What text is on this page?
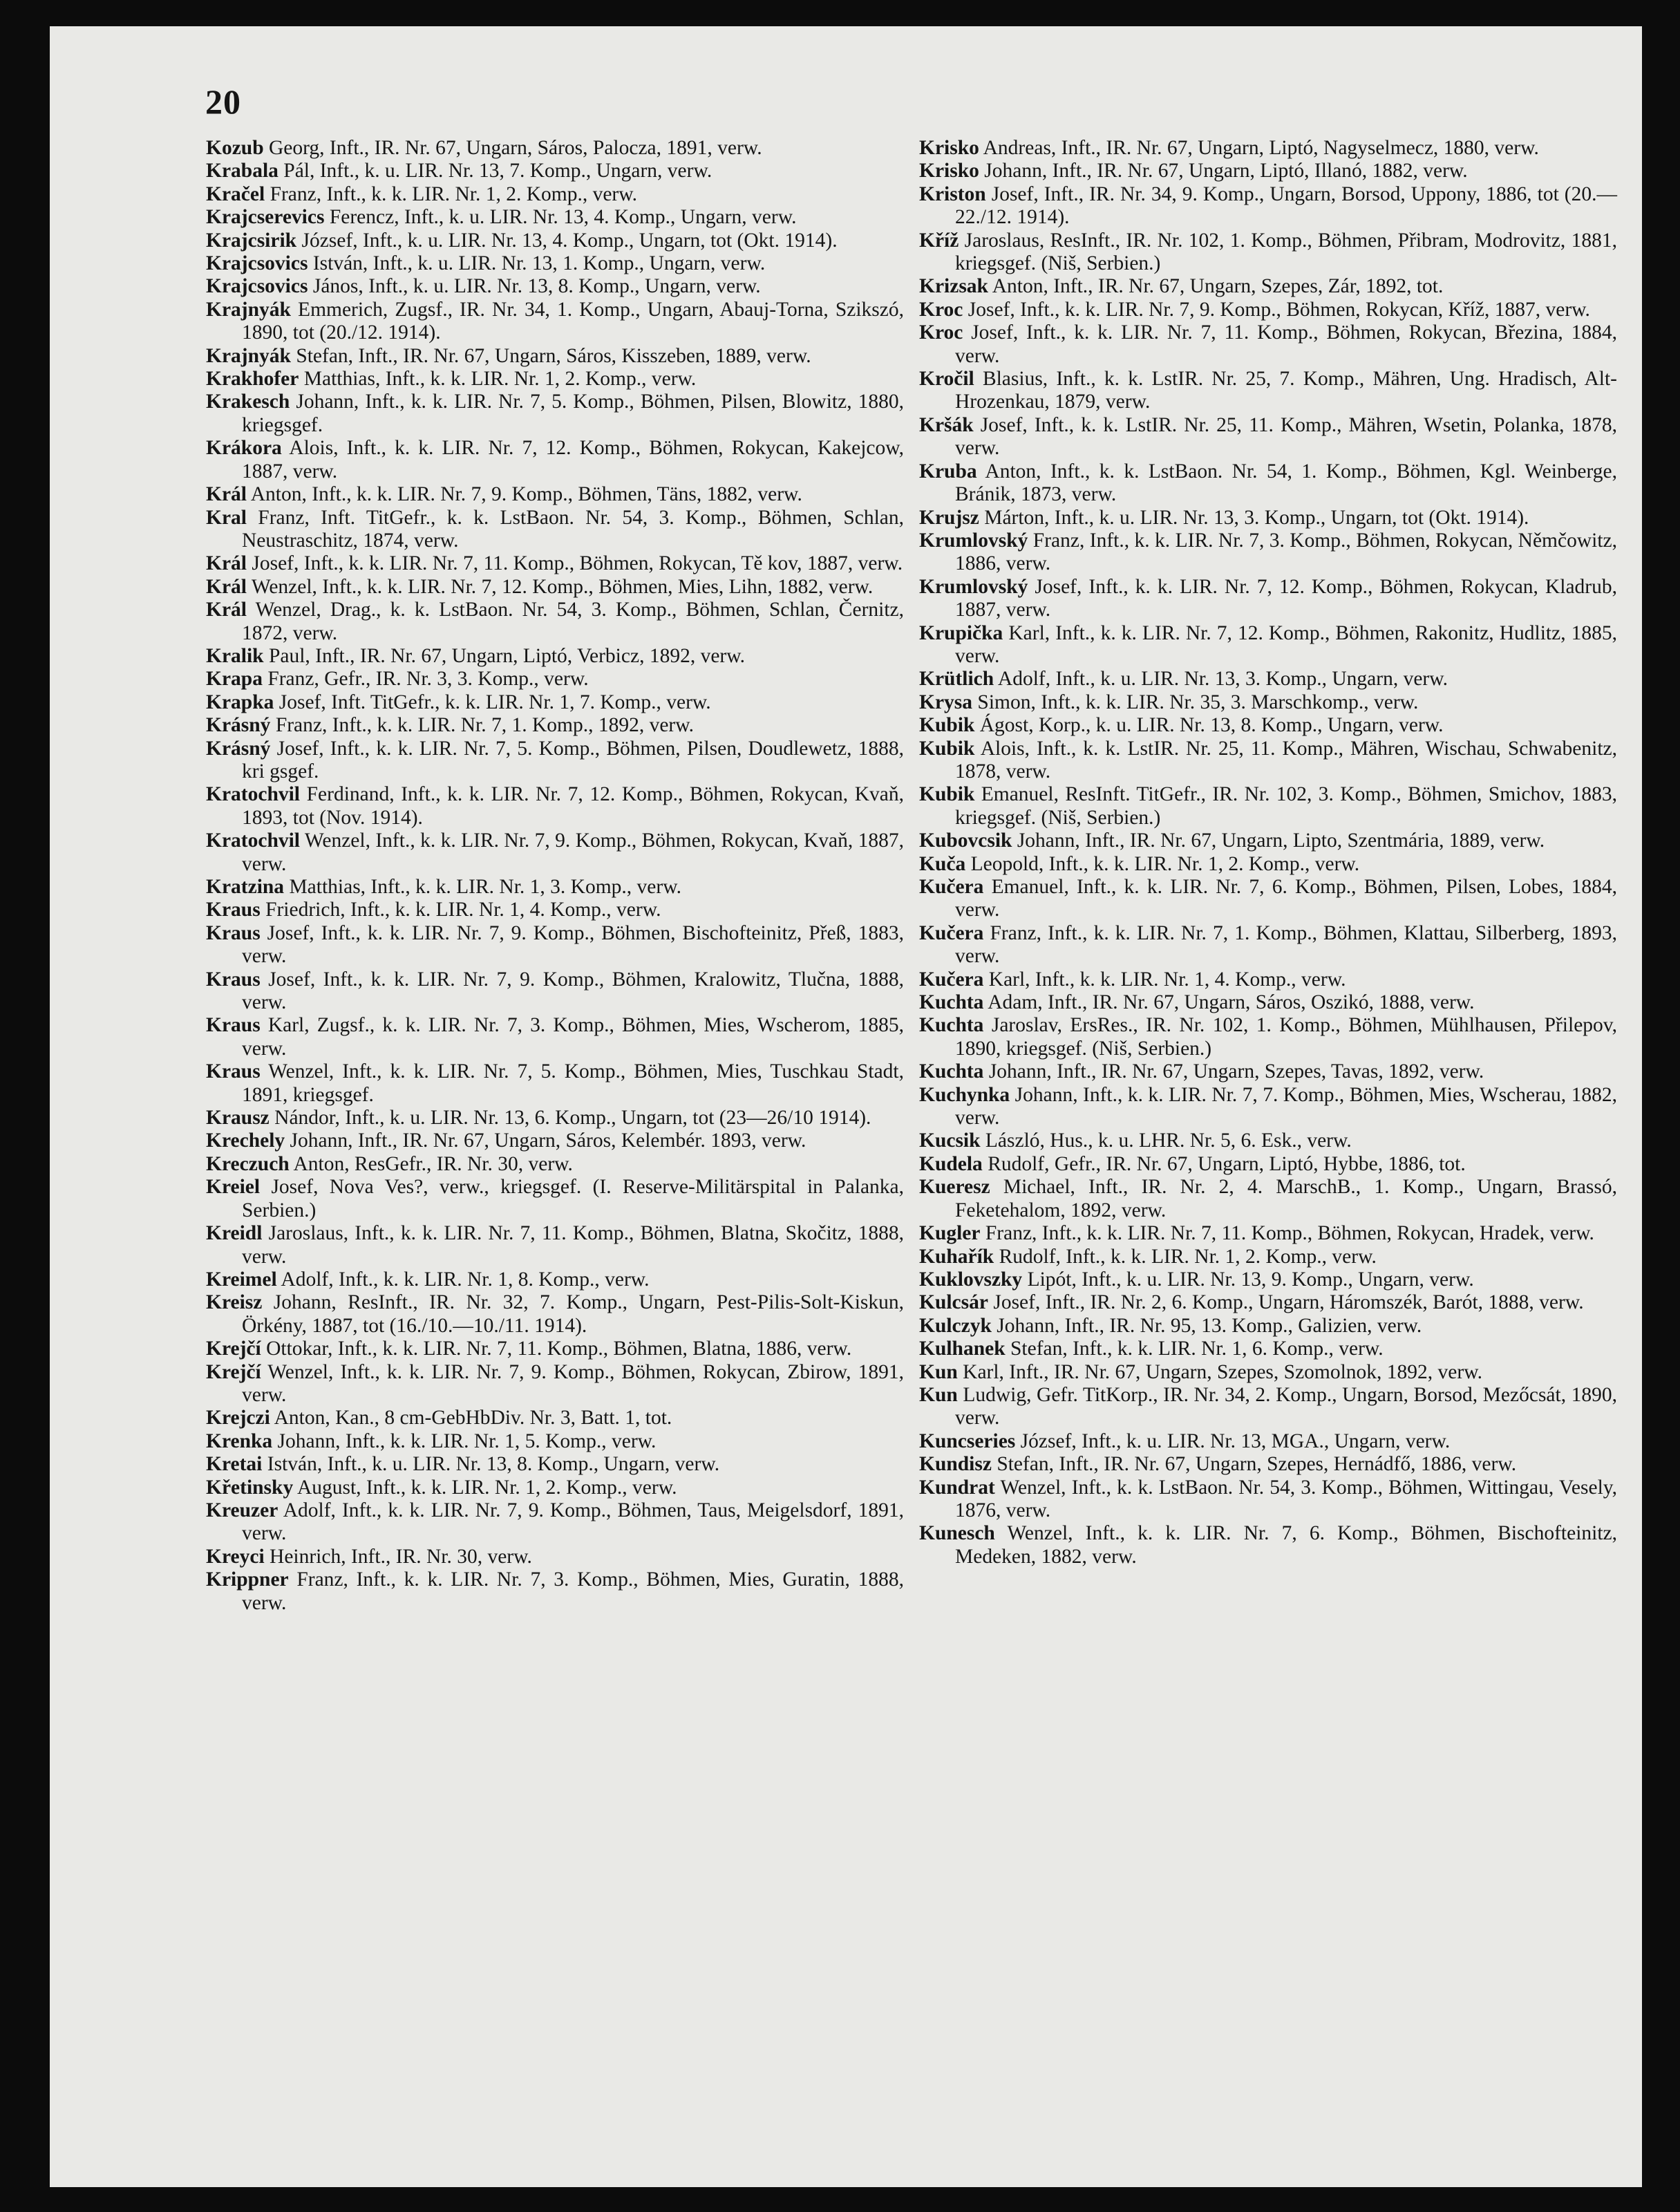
20

Kozub Georg, Inft., IR. Nr. 67, Ungarn, Sáros, Palocza, 1891, verw.

Krabala Pál, Inft., k. u. LIR. Nr. 13, 7. Komp., Ungarn, verw.

Kračel Franz, Inft., k. k. LIR. Nr. 1, 2. Komp., verw.

Krajcserevics Ferencz, Inft., k. u. LIR. Nr. 13, 4. Komp., Ungarn, verw.

Krajcsirik József, Inft., k. u. LIR. Nr. 13, 4. Komp., Ungarn, tot (Okt. 1914).

Krajcsovics István, Inft., k. u. LIR. Nr. 13, 1. Komp., Ungarn, verw.

Krajcsovics János, Inft., k. u. LIR. Nr. 13, 8. Komp., Ungarn, verw.

Krajnyák Emmerich, Zugsf., IR. Nr. 34, 1. Komp., Ungarn, Abauj-Torna, Szikszó, 1890, tot (20./12. 1914).

Krajnyák Stefan, Inft., IR. Nr. 67, Ungarn, Sáros, Kisszeben, 1889, verw.

Krakhofer Matthias, Inft., k. k. LIR. Nr. 1, 2. Komp., verw.

Krakesch Johann, Inft., k. k. LIR. Nr. 7, 5. Komp., Böhmen, Pilsen, Blowitz, 1880, kriegsgef.

Krákora Alois, Inft., k. k. LIR. Nr. 7, 12. Komp., Böhmen, Rokycan, Kakejcow, 1887, verw.

Král Anton, Inft., k. k. LIR. Nr. 7, 9. Komp., Böhmen, Täns, 1882, verw.

Kral Franz, Inft. TitGefr., k. k. LstBaon. Nr. 54, 3. Komp., Böhmen, Schlan, Neustraschitz, 1874, verw.

Král Josef, Inft., k. k. LIR. Nr. 7, 11. Komp., Böhmen, Rokycan, Tě kov, 1887, verw.

Král Wenzel, Inft., k. k. LIR. Nr. 7, 12. Komp., Böhmen, Mies, Lihn, 1882, verw.

Král Wenzel, Drag., k. k. LstBaon. Nr. 54, 3. Komp., Böhmen, Schlan, Černitz, 1872, verw.

Kralik Paul, Inft., IR. Nr. 67, Ungarn, Liptó, Verbicz, 1892, verw.

Krapa Franz, Gefr., IR. Nr. 3, 3. Komp., verw.

Krapka Josef, Inft. TitGefr., k. k. LIR. Nr. 1, 7. Komp., verw.

Krásný Franz, Inft., k. k. LIR. Nr. 7, 1. Komp., 1892, verw.

Krásný Josef, Inft., k. k. LIR. Nr. 7, 5. Komp., Böhmen, Pilsen, Doudlewetz, 1888, kri gsgef.

Kratochvil Ferdinand, Inft., k. k. LIR. Nr. 7, 12. Komp., Böhmen, Rokycan, Kvaň, 1893, tot (Nov. 1914).

Kratochvil Wenzel, Inft., k. k. LIR. Nr. 7, 9. Komp., Böhmen, Rokycan, Kvaň, 1887, verw.

Kratzina Matthias, Inft., k. k. LIR. Nr. 1, 3. Komp., verw.

Kraus Friedrich, Inft., k. k. LIR. Nr. 1, 4. Komp., verw.

Kraus Josef, Inft., k. k. LIR. Nr. 7, 9. Komp., Böhmen, Bischofteinitz, Přeß, 1883, verw.

Kraus Josef, Inft., k. k. LIR. Nr. 7, 9. Komp., Böhmen, Kralowitz, Tlučna, 1888, verw.

Kraus Karl, Zugsf., k. k. LIR. Nr. 7, 3. Komp., Böhmen, Mies, Wscherom, 1885, verw.

Kraus Wenzel, Inft., k. k. LIR. Nr. 7, 5. Komp., Böhmen, Mies, Tuschkau Stadt, 1891, kriegsgef.

Krausz Nándor, Inft., k. u. LIR. Nr. 13, 6. Komp., Ungarn, tot (23—26/10 1914).

Krechely Johann, Inft., IR. Nr. 67, Ungarn, Sáros, Kelembér. 1893, verw.

Kreczuch Anton, ResGefr., IR. Nr. 30, verw.

Kreiel Josef, Nova Ves?, verw., kriegsgef. (I. Reserve-Militärspital in Palanka, Serbien.)

Kreidl Jaroslaus, Inft., k. k. LIR. Nr. 7, 11. Komp., Böhmen, Blatna, Skočitz, 1888, verw.

Kreimel Adolf, Inft., k. k. LIR. Nr. 1, 8. Komp., verw.

Kreisz Johann, ResInft., IR. Nr. 32, 7. Komp., Ungarn, Pest-Pilis-Solt-Kiskun, Örkény, 1887, tot (16./10.—10./11. 1914).

Krejčí Ottokar, Inft., k. k. LIR. Nr. 7, 11. Komp., Böhmen, Blatna, 1886, verw.

Krejčí Wenzel, Inft., k. k. LIR. Nr. 7, 9. Komp., Böhmen, Rokycan, Zbirow, 1891, verw.

Krejczi Anton, Kan., 8 cm-GebHbDiv. Nr. 3, Batt. 1, tot.

Krenka Johann, Inft., k. k. LIR. Nr. 1, 5. Komp., verw.

Kretai István, Inft., k. u. LIR. Nr. 13, 8. Komp., Ungarn, verw.

Křetinsky August, Inft., k. k. LIR. Nr. 1, 2. Komp., verw.

Kreuzer Adolf, Inft., k. k. LIR. Nr. 7, 9. Komp., Böhmen, Taus, Meigelsdorf, 1891, verw.

Kreyci Heinrich, Inft., IR. Nr. 30, verw.

Krippner Franz, Inft., k. k. LIR. Nr. 7, 3. Komp., Böhmen, Mies, Guratin, 1888, verw.

Krisko Andreas, Inft., IR. Nr. 67, Ungarn, Liptó, Nagyselmecz, 1880, verw.

Krisko Johann, Inft., IR. Nr. 67, Ungarn, Liptó, Illanó, 1882, verw.

Kriston Josef, Inft., IR. Nr. 34, 9. Komp., Ungarn, Borsod, Uppony, 1886, tot (20.—22./12. 1914).

Kříž Jaroslaus, ResInft., IR. Nr. 102, 1. Komp., Böhmen, Přibram, Modrovitz, 1881, kriegsgef. (Niš, Serbien.)

Krizsak Anton, Inft., IR. Nr. 67, Ungarn, Szepes, Zár, 1892, tot.

Kroc Josef, Inft., k. k. LIR. Nr. 7, 9. Komp., Böhmen, Rokycan, Kříž, 1887, verw.

Kroc Josef, Inft., k. k. LIR. Nr. 7, 11. Komp., Böhmen, Rokycan, Březina, 1884, verw.

Kročil Blasius, Inft., k. k. LstIR. Nr. 25, 7. Komp., Mähren, Ung. Hradisch, Alt-Hrozenkau, 1879, verw.

Kršák Josef, Inft., k. k. LstIR. Nr. 25, 11. Komp., Mähren, Wsetin, Polanka, 1878, verw.

Kruba Anton, Inft., k. k. LstBaon. Nr. 54, 1. Komp., Böhmen, Kgl. Weinberge, Bránik, 1873, verw.

Krujsz Márton, Inft., k. u. LIR. Nr. 13, 3. Komp., Ungarn, tot (Okt. 1914).

Krumlovský Franz, Inft., k. k. LIR. Nr. 7, 3. Komp., Böhmen, Rokycan, Němčowitz, 1886, verw.

Krumlovský Josef, Inft., k. k. LIR. Nr. 7, 12. Komp., Böhmen, Rokycan, Kladrub, 1887, verw.

Krupička Karl, Inft., k. k. LIR. Nr. 7, 12. Komp., Böhmen, Rakonitz, Hudlitz, 1885, verw.

Krütlich Adolf, Inft., k. u. LIR. Nr. 13, 3. Komp., Ungarn, verw.

Krysa Simon, Inft., k. k. LIR. Nr. 35, 3. Marschkomp., verw.

Kubik Ágost, Korp., k. u. LIR. Nr. 13, 8. Komp., Ungarn, verw.

Kubik Alois, Inft., k. k. LstIR. Nr. 25, 11. Komp., Mähren, Wischau, Schwabenitz, 1878, verw.

Kubik Emanuel, ResInft. TitGefr., IR. Nr. 102, 3. Komp., Böhmen, Smichov, 1883, kriegsgef. (Niš, Serbien.)

Kubovcsik Johann, Inft., IR. Nr. 67, Ungarn, Lipto, Szentmária, 1889, verw.

Kuča Leopold, Inft., k. k. LIR. Nr. 1, 2. Komp., verw.

Kučera Emanuel, Inft., k. k. LIR. Nr. 7, 6. Komp., Böhmen, Pilsen, Lobes, 1884, verw.

Kučera Franz, Inft., k. k. LIR. Nr. 7, 1. Komp., Böhmen, Klattau, Silberberg, 1893, verw.

Kučera Karl, Inft., k. k. LIR. Nr. 1, 4. Komp., verw.

Kuchta Adam, Inft., IR. Nr. 67, Ungarn, Sáros, Oszikó, 1888, verw.

Kuchta Jaroslav, ErsRes., IR. Nr. 102, 1. Komp., Böhmen, Mühlhausen, Přilepov, 1890, kriegsgef. (Niš, Serbien.)

Kuchta Johann, Inft., IR. Nr. 67, Ungarn, Szepes, Tavas, 1892, verw.

Kuchynka Johann, Inft., k. k. LIR. Nr. 7, 7. Komp., Böhmen, Mies, Wscherau, 1882, verw.

Kucsik László, Hus., k. u. LHR. Nr. 5, 6. Esk., verw.

Kudela Rudolf, Gefr., IR. Nr. 67, Ungarn, Liptó, Hybbe, 1886, tot.

Kueresz Michael, Inft., IR. Nr. 2, 4. MarschB., 1. Komp., Ungarn, Brassó, Feketehalom, 1892, verw.

Kugler Franz, Inft., k. k. LIR. Nr. 7, 11. Komp., Böhmen, Rokycan, Hradek, verw.

Kuhařík Rudolf, Inft., k. k. LIR. Nr. 1, 2. Komp., verw.

Kuklovszky Lipót, Inft., k. u. LIR. Nr. 13, 9. Komp., Ungarn, verw.

Kulcsár Josef, Inft., IR. Nr. 2, 6. Komp., Ungarn, Háromszék, Barót, 1888, verw.

Kulczyk Johann, Inft., IR. Nr. 95, 13. Komp., Galizien, verw.

Kulhanek Stefan, Inft., k. k. LIR. Nr. 1, 6. Komp., verw.

Kun Karl, Inft., IR. Nr. 67, Ungarn, Szepes, Szomolnok, 1892, verw.

Kun Ludwig, Gefr. TitKorp., IR. Nr. 34, 2. Komp., Ungarn, Borsod, Mezőcsát, 1890, verw.

Kuncseries József, Inft., k. u. LIR. Nr. 13, MGA., Ungarn, verw.

Kundisz Stefan, Inft., IR. Nr. 67, Ungarn, Szepes, Hernádfő, 1886, verw.

Kundrat Wenzel, Inft., k. k. LstBaon. Nr. 54, 3. Komp., Böhmen, Wittingau, Vesely, 1876, verw.

Kunesch Wenzel, Inft., k. k. LIR. Nr. 7, 6. Komp., Böhmen, Bischofteinitz, Medeken, 1882, verw.
